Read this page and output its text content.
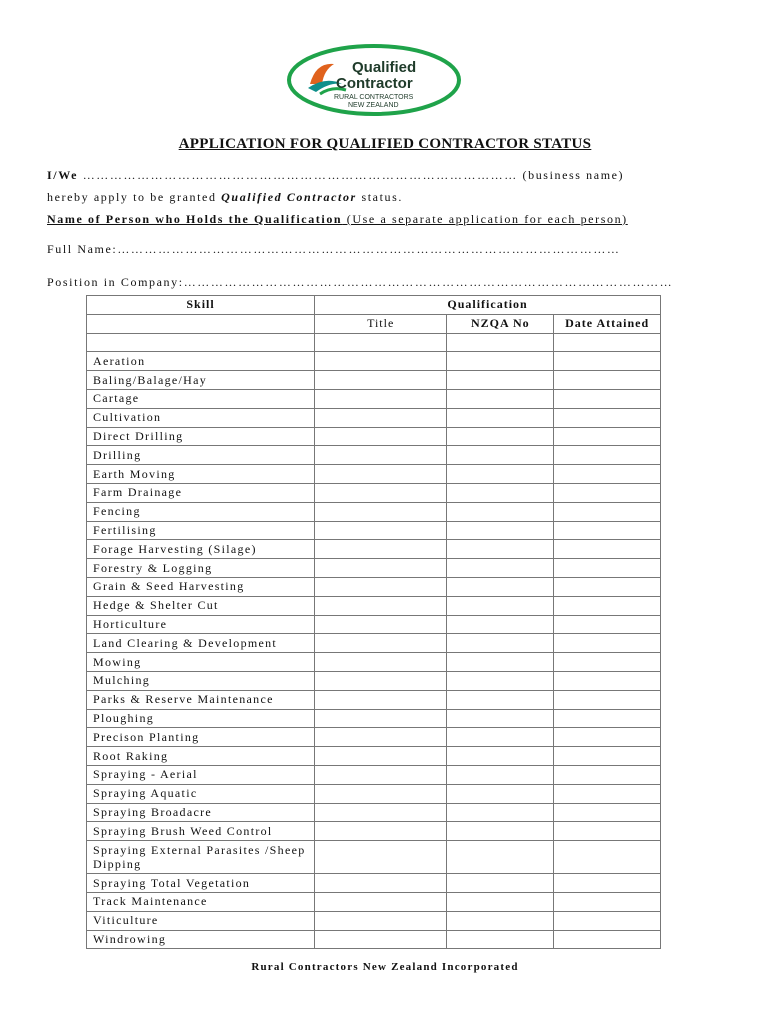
Qualified
Contractor
RURAL CONTRACTORS
NEW ZEALAND
APPLICATION FOR QUALIFIED CONTRACTOR STATUS
I/We …………………………………………………………………………………… (business name)
hereby apply to be granted Qualified Contractor status.
Name of Person who Holds the Qualification (Use a separate application for each person)
Full Name:…………………………………………………………………………………………………
Position in Company:………………………………………………………………………………………………
Skill	Qualification		
	Title	NZQA No	Date Attained

Aeration			
Baling/Balage/Hay			
Cartage			
Cultivation			
Direct Drilling			
Drilling			
Earth Moving			
Farm Drainage			
Fencing			
Fertilising			
Forage Harvesting (Silage)			
Forestry & Logging			
Grain & Seed Harvesting			
Hedge & Shelter Cut			
Horticulture			
Land Clearing & Development			
Mowing			
Mulching			
Parks & Reserve Maintenance			
Ploughing			
Precison Planting			
Root Raking			
Spraying - Aerial			
Spraying Aquatic			
Spraying Broadacre			
Spraying Brush Weed Control			
Spraying External Parasites /Sheep Dipping			
Spraying Total Vegetation			
Track Maintenance			
Viticulture			
Windrowing			
Rural Contractors New Zealand Incorporated
